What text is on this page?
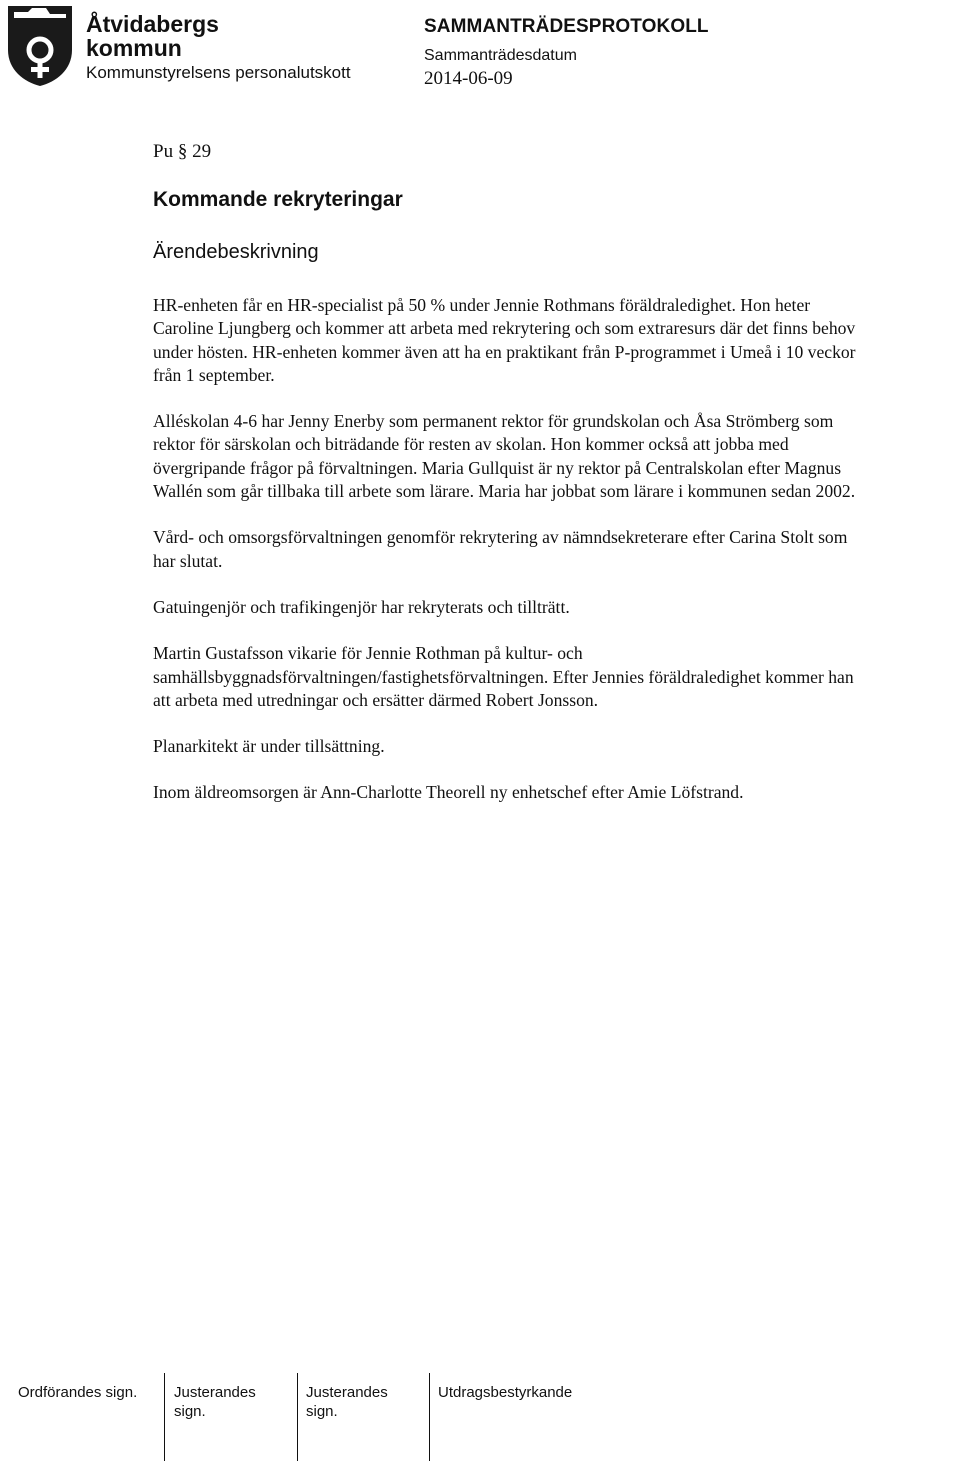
Åtvidabergs
kommun
Kommunstyrelsens personalutskott
SAMMANTRÄDESPROTOKOLL
Sammanträdesdatum
2014-06-09
Pu § 29
Kommande rekryteringar
Ärendebeskrivning

HR-enheten får en HR-specialist på 50 % under Jennie Rothmans föräldraledighet. Hon heter Caroline Ljungberg och kommer att arbeta med rekrytering och som extraresurs där det finns behov under hösten. HR-enheten kommer även att ha en praktikant från P-programmet i Umeå i 10 veckor från 1 september.

Alléskolan 4-6 har Jenny Enerby som permanent rektor för grundskolan och Åsa Strömberg som rektor för särskolan och biträdande för resten av skolan. Hon kommer också att jobba med övergripande frågor på förvaltningen. Maria Gullquist är ny rektor på Centralskolan efter Magnus Wallén som går tillbaka till arbete som lärare. Maria har jobbat som lärare i kommunen sedan 2002.

Vård- och omsorgsförvaltningen genomför rekrytering av nämndsekreterare efter Carina Stolt som har slutat.

Gatuingenjör och trafikingenjör har rekryterats och tillträtt.

Martin Gustafsson vikarie för Jennie Rothman på kultur- och samhällsbyggnadsförvaltningen/fastighetsförvaltningen. Efter Jennies föräldraledighet kommer han att arbeta med utredningar och ersätter därmed Robert Jonsson.

Planarkitekt är under tillsättning.

Inom äldreomsorgen är Ann-Charlotte Theorell ny enhetschef efter Amie Löfstrand.

Ordförandes sign.	Justerandes
sign.
Justerandes
sign.
Utdragsbestyrkande
